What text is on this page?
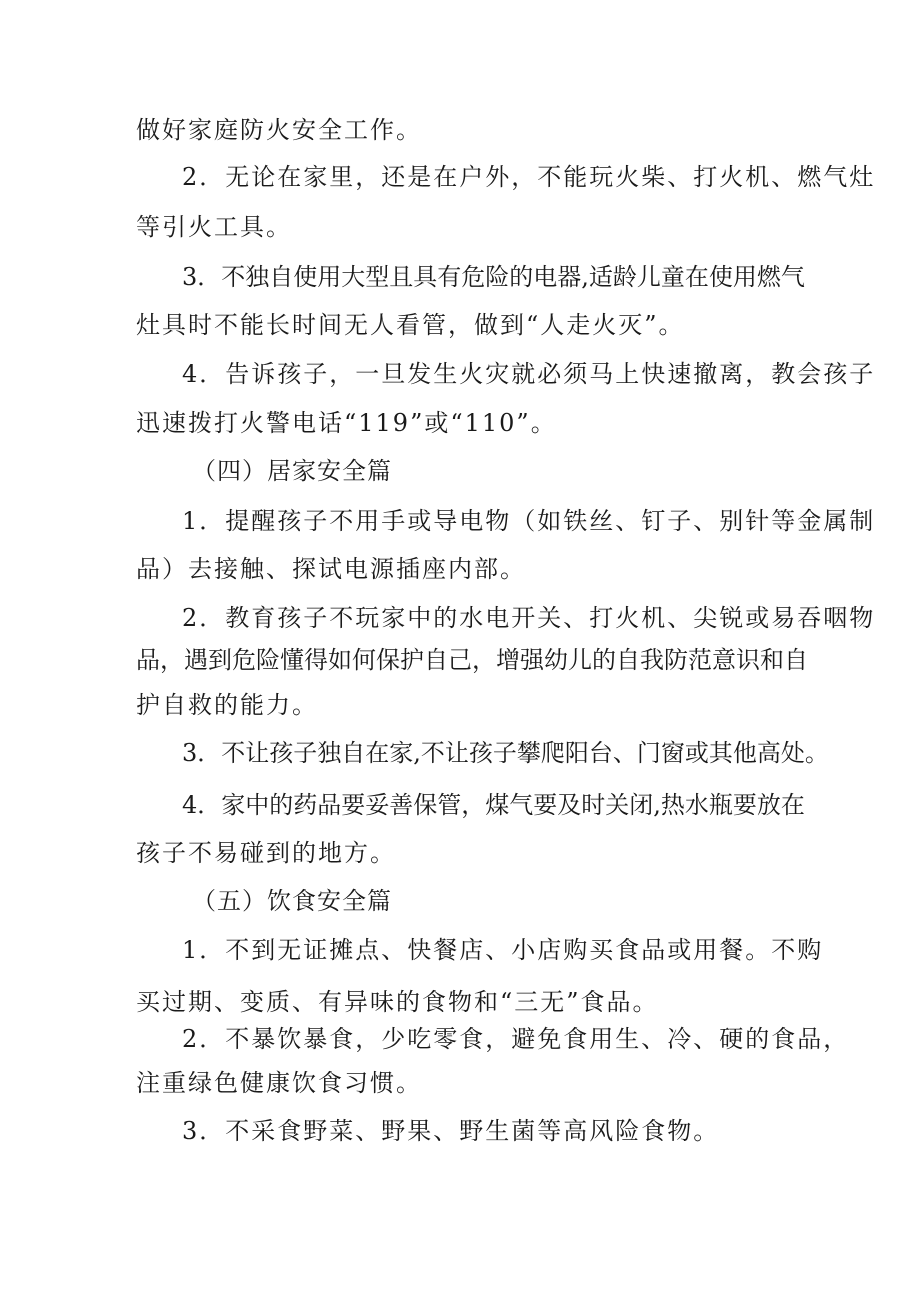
做好家庭防火安全工作。
2．无论在家里，还是在户外，不能玩火柴、打火机、燃气灶
等引火工具。
3．不独自使用大型且具有危险的电器,适龄儿童在使用燃气
灶具时不能长时间无人看管，做到“人走火灭”。
4．告诉孩子，一旦发生火灾就必须马上快速撤离，教会孩子
迅速拨打火警电话“119”或“110”。
（四）居家安全篇
1．提醒孩子不用手或导电物（如铁丝、钉子、别针等金属制
品）去接触、探试电源插座内部。
2．教育孩子不玩家中的水电开关、打火机、尖锐或易吞咽物
品，遇到危险懂得如何保护自己，增强幼儿的自我防范意识和自
护自救的能力。
3．不让孩子独自在家,不让孩子攀爬阳台、门窗或其他高处。
4．家中的药品要妥善保管，煤气要及时关闭,热水瓶要放在
孩子不易碰到的地方。
（五）饮食安全篇
1．不到无证摊点、快餐店、小店购买食品或用餐。不购
买过期、变质、有异味的食物和“三无”食品。
2．不暴饮暴食，少吃零食，避免食用生、冷、硬的食品，
注重绿色健康饮食习惯。
3．不采食野菜、野果、野生菌等高风险食物。
